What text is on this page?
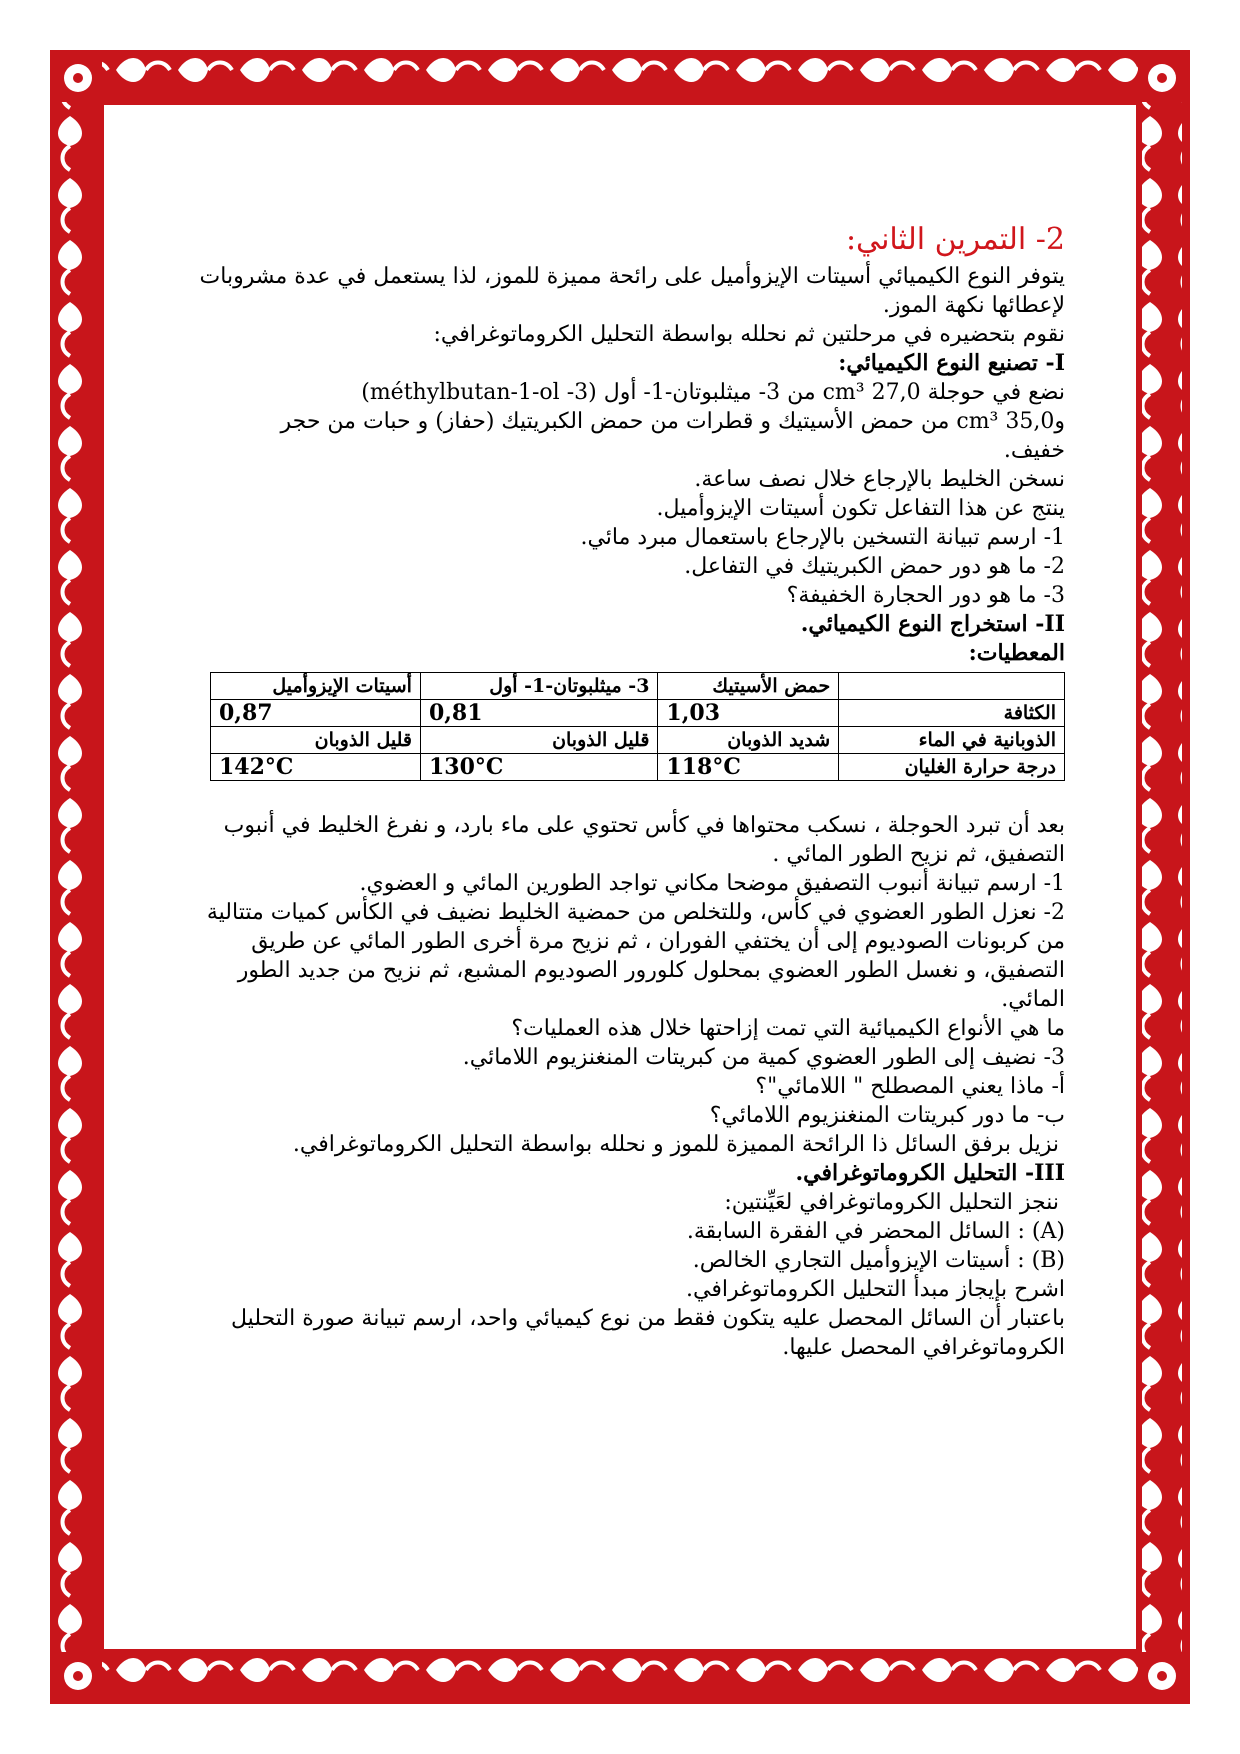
2- التمرين الثاني:

يتوفر النوع الكيميائي أسيتات الإيزوأميل على رائحة مميزة للموز، لذا يستعمل في عدة مشروبات

لإعطائها نكهة الموز.

نقوم بتحضيره في مرحلتين ثم نحلله بواسطة التحليل الكروماتوغرافي:

I- تصنيع النوع الكيميائي:

نضع في حوجلة 27,0 cm³ من 3- ميثلبوتان-1- أول (3- méthylbutan-1-ol)

و35,0 cm³ من حمض الأسيتيك و قطرات من حمض الكبريتيك (حفاز) و حبات من حجر

خفيف.

نسخن الخليط بالإرجاع خلال نصف ساعة.

ينتج عن هذا التفاعل تكون أسيتات الإيزوأميل.

1- ارسم تبيانة التسخين بالإرجاع باستعمال مبرد مائي.

2- ما هو دور حمض الكبريتيك في التفاعل.

3- ما هو دور الحجارة الخفيفة؟

II- استخراج النوع الكيميائي.

المعطيات:

	حمض الأسيتيك	3- ميثلبوتان-1- أول	أسيتات الإيزوأميل
الكثافة	1,03	0,81	0,87
الذوبانية في الماء	شديد الذوبان	قليل الذوبان	قليل الذوبان
درجة حرارة الغليان	118°C	130°C	142°C

بعد أن تبرد الحوجلة ، نسكب محتواها في كأس تحتوي على ماء بارد، و نفرغ الخليط في أنبوب

التصفيق، ثم نزيح الطور المائي .

1- ارسم تبيانة أنبوب التصفيق موضحا مكاني تواجد الطورين المائي و العضوي.

2- نعزل الطور العضوي في كأس، وللتخلص من حمضية الخليط نضيف في الكأس كميات متتالية

من كربونات الصوديوم إلى أن يختفي الفوران ، ثم نزيح مرة أخرى الطور المائي عن طريق

التصفيق، و نغسل الطور العضوي بمحلول كلورور الصوديوم المشبع، ثم نزيح من جديد الطور

المائي.

ما هي الأنواع الكيميائية التي تمت إزاحتها خلال هذه العمليات؟

3- نضيف إلى الطور العضوي كمية من كبريتات المنغنزيوم اللامائي.

أ- ماذا يعني المصطلح " اللامائي"؟

ب- ما دور كبريتات المنغنزيوم اللامائي؟

نزيل برفق السائل ذا الرائحة المميزة للموز و نحلله بواسطة التحليل الكروماتوغرافي.

III- التحليل الكروماتوغرافي.

ننجز التحليل الكروماتوغرافي لعَيِّنتين:

(A) : السائل المحضر في الفقرة السابقة.

(B) : أسيتات الإيزوأميل التجاري الخالص.

اشرح بإيجاز مبدأ التحليل الكروماتوغرافي.

باعتبار أن السائل المحصل عليه يتكون فقط من نوع كيميائي واحد، ارسم تبيانة صورة التحليل

الكروماتوغرافي المحصل عليها.
